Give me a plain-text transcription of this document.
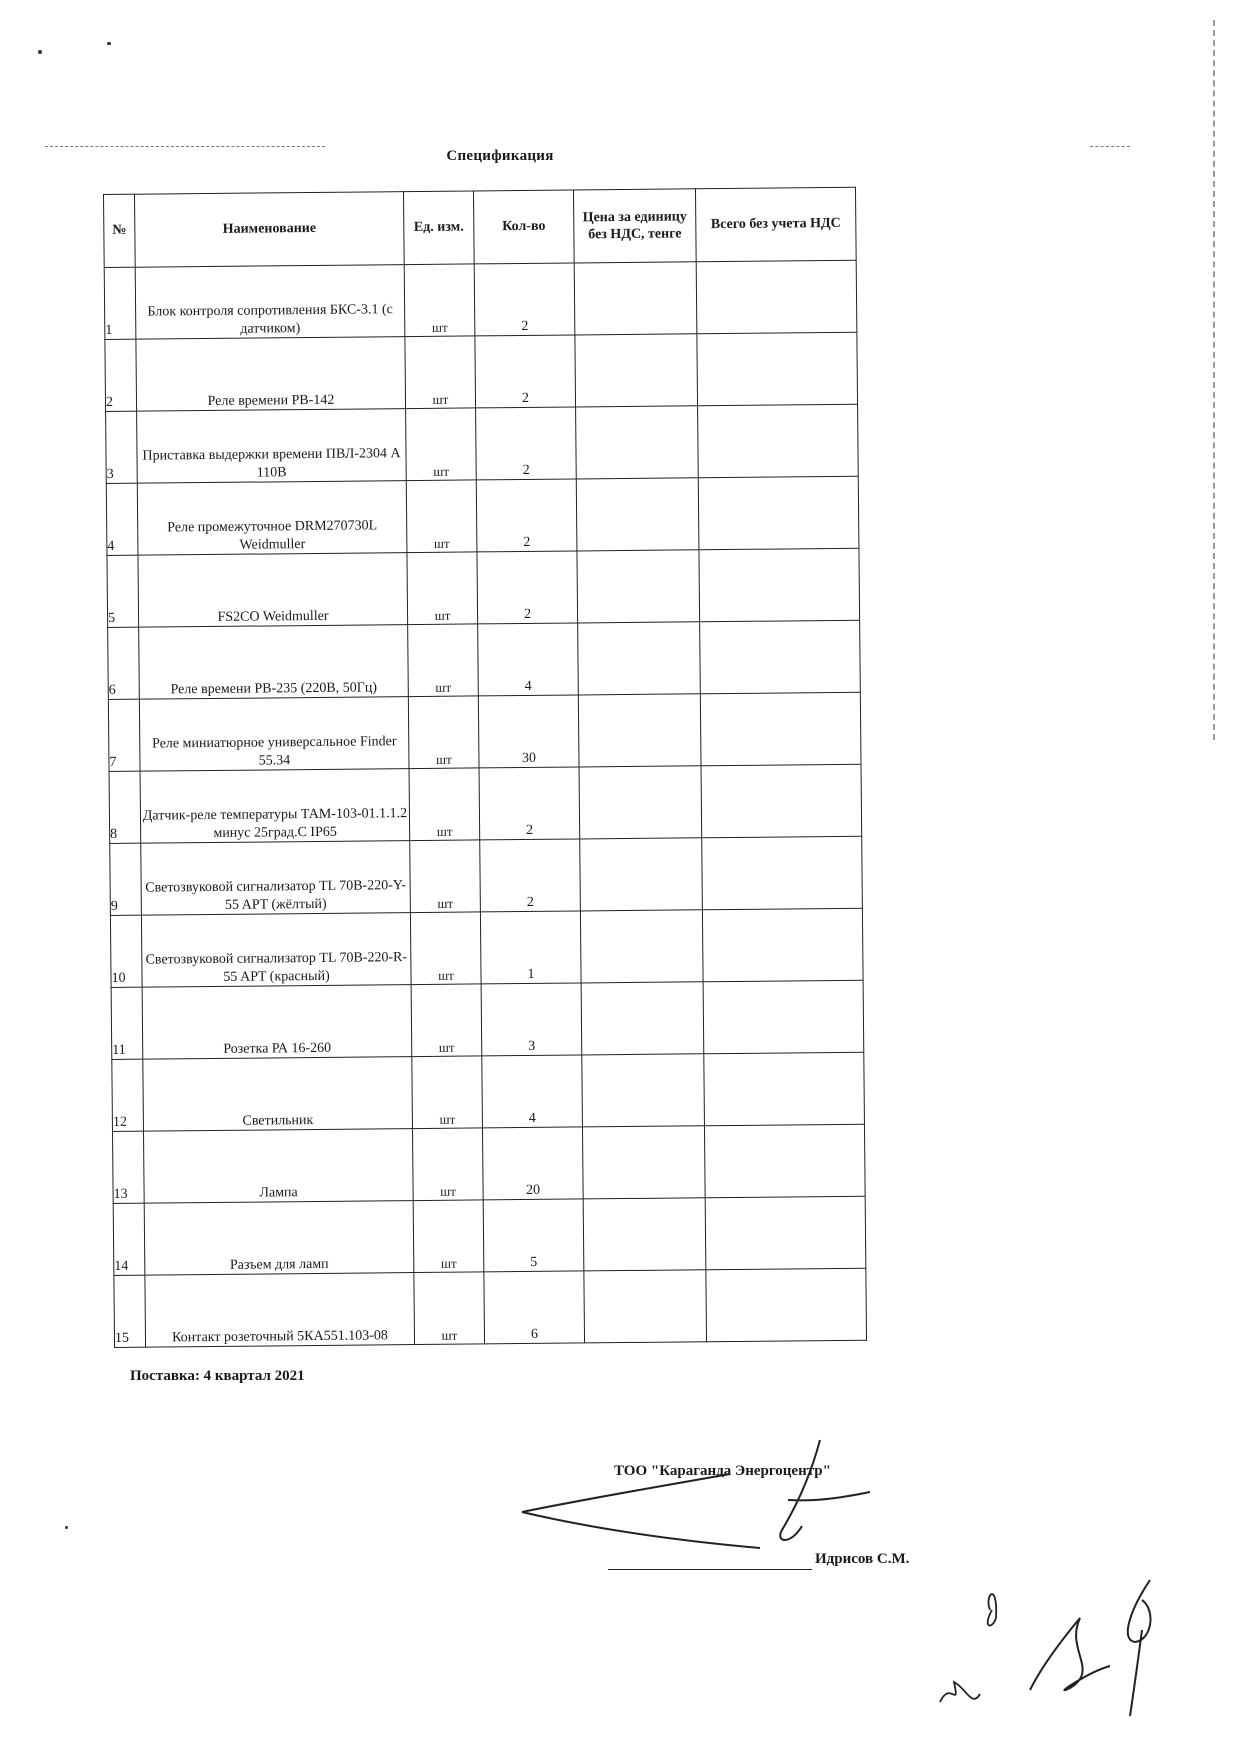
Спецификация
№	Наименование	Ед. изм.	Кол-во	Цена за единицу без НДС, тенге	Всего без учета НДС
1	Блок контроля сопротивления БКС-3.1 (с датчиком)	шт	2		
2	Реле времени РВ-142	шт	2		
3	Приставка выдержки времени ПВЛ-2304 А 110В	шт	2		
4	Реле промежуточное DRM270730L Weidmuller	шт	2		
5	FS2CO Weidmuller	шт	2		
6	Реле времени РВ-235 (220В, 50Гц)	шт	4		
7	Реле миниатюрное универсальное Finder 55.34	шт	30		
8	Датчик-реле температуры ТАМ-103-01.1.1.2 минус 25град.С IP65	шт	2		
9	Светозвуковой сигнализатор TL 70B-220-Y-55 APT (жёлтый)	шт	2		
10	Светозвуковой сигнализатор TL 70B-220-R-55 APT (красный)	шт	1		
11	Розетка РА 16-260	шт	3		
12	Светильник	шт	4		
13	Лампа	шт	20		
14	Разъем для ламп	шт	5		
15	Контакт розеточный 5КА551.103-08	шт	6		
Поставка: 4 квартал 2021
ТОО "Караганда Энергоцентр"
Идрисов С.М.
